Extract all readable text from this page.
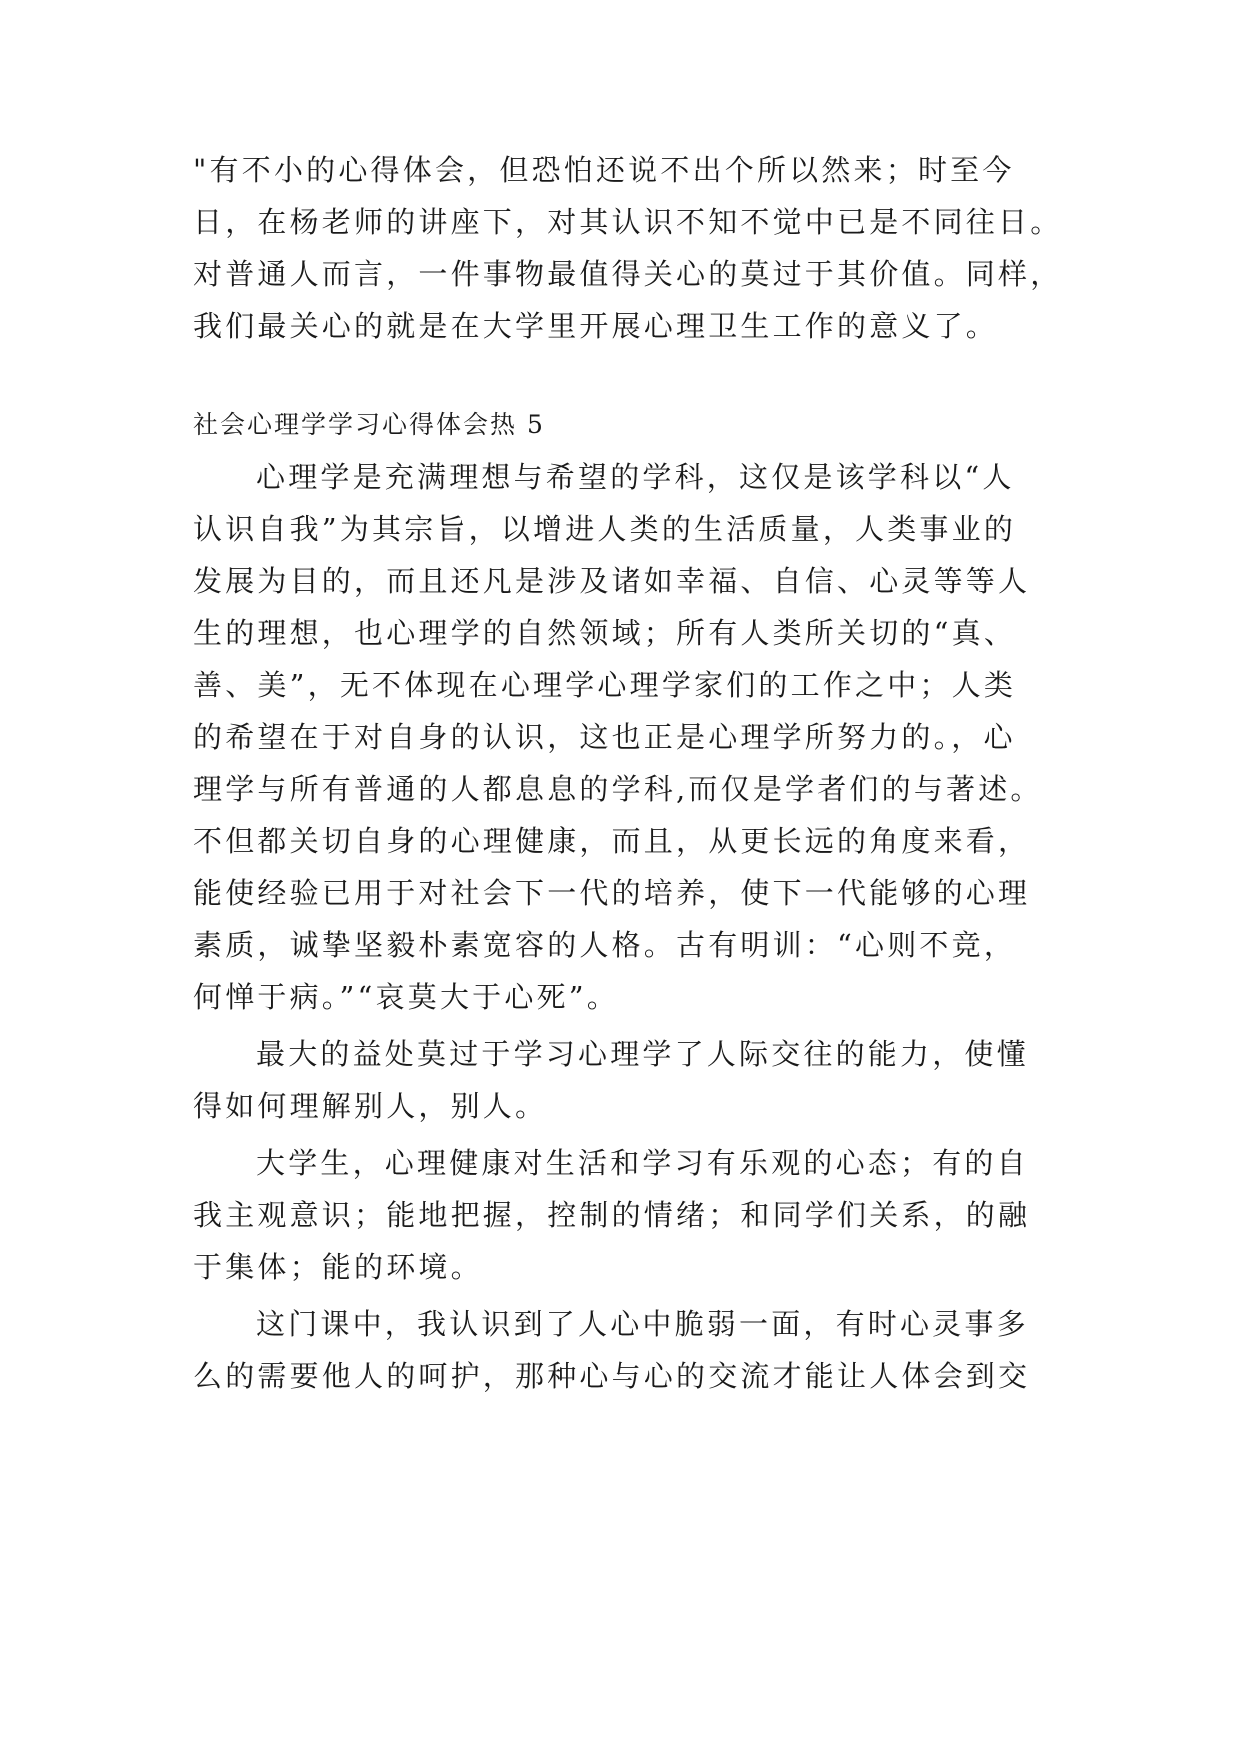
"有不小的心得体会，但恐怕还说不出个所以然来；时至今

日，在杨老师的讲座下，对其认识不知不觉中已是不同往日。

对普通人而言，一件事物最值得关心的莫过于其价值。同样，

我们最关心的就是在大学里开展心理卫生工作的意义了。

社会心理学学习心得体会热 5

心理学是充满理想与希望的学科，这仅是该学科以“人

认识自我”为其宗旨，以增进人类的生活质量，人类事业的

发展为目的，而且还凡是涉及诸如幸福、自信、心灵等等人

生的理想，也心理学的自然领域；所有人类所关切的“真、

善、美”，无不体现在心理学心理学家们的工作之中；人类

的希望在于对自身的认识，这也正是心理学所努力的。，心

理学与所有普通的人都息息的学科,而仅是学者们的与著述。

不但都关切自身的心理健康，而且，从更长远的角度来看，

能使经验已用于对社会下一代的培养，使下一代能够的心理

素质，诚挚坚毅朴素宽容的人格。古有明训：“心则不竞，

何惮于病。”“哀莫大于心死”。

最大的益处莫过于学习心理学了人际交往的能力，使懂

得如何理解别人，别人。

大学生，心理健康对生活和学习有乐观的心态；有的自

我主观意识；能地把握，控制的情绪；和同学们关系，的融

于集体；能的环境。

这门课中，我认识到了人心中脆弱一面，有时心灵事多

么的需要他人的呵护，那种心与心的交流才能让人体会到交
